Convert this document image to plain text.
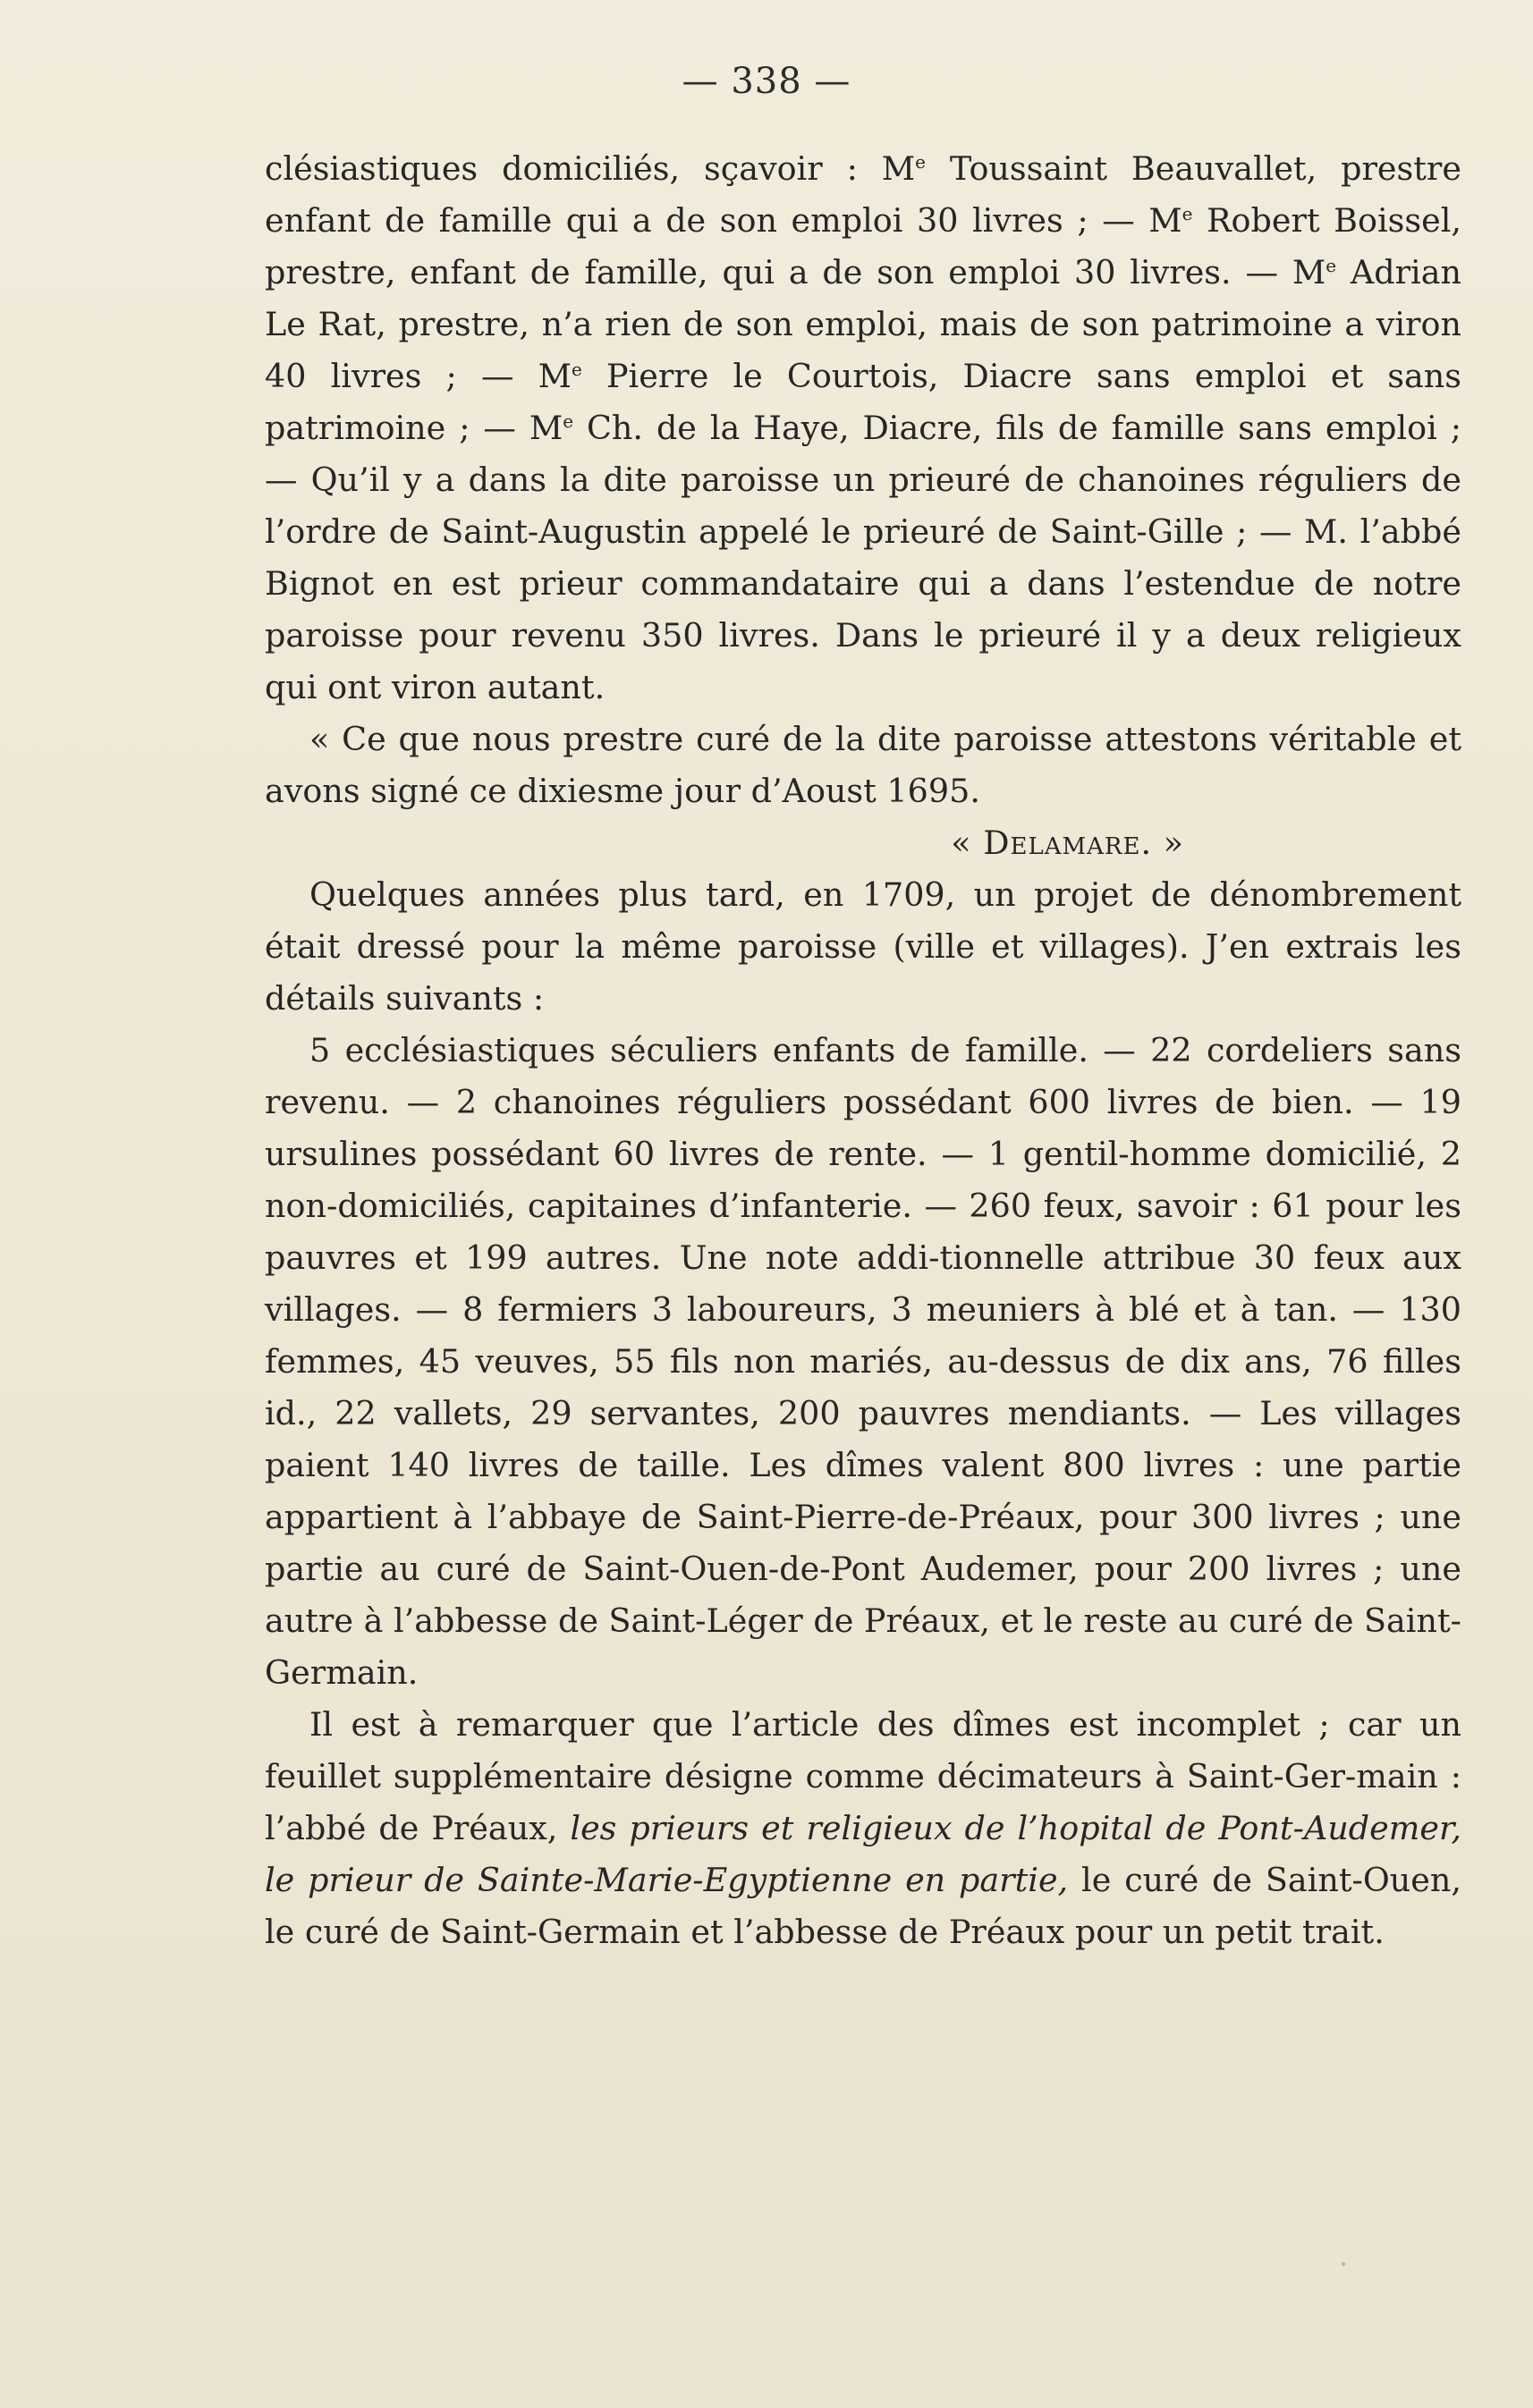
— 338 —

clésiastiques domiciliés, sçavoir : Me Toussaint Beauvallet, prestre enfant de famille qui a de son emploi 30 livres ; — Me Robert Boissel, prestre, enfant de famille, qui a de son emploi 30 livres. — Me Adrian Le Rat, prestre, n’a rien de son emploi, mais de son patrimoine a viron 40 livres ; — Me Pierre le Courtois, Diacre sans emploi et sans patrimoine ; — Me Ch. de la Haye, Diacre, fils de famille sans emploi ; — Qu’il y a dans la dite paroisse un prieuré de chanoines réguliers de l’ordre de Saint-Augustin appelé le prieuré de Saint-Gille ; — M. l’abbé Bignot en est prieur commandataire qui a dans l’estendue de notre paroisse pour revenu 350 livres. Dans le prieuré il y a deux religieux qui ont viron autant.

« Ce que nous prestre curé de la dite paroisse attestons véritable et avons signé ce dixiesme jour d’Aoust 1695.

« Delamare. »

Quelques années plus tard, en 1709, un projet de dénombrement était dressé pour la même paroisse (ville et villages). J’en extrais les détails suivants :

5 ecclésiastiques séculiers enfants de famille. — 22 cordeliers sans revenu. — 2 chanoines réguliers possédant 600 livres de bien. — 19 ursulines possédant 60 livres de rente. — 1 gentil-homme domicilié, 2 non-domiciliés, capitaines d’infanterie. — 260 feux, savoir : 61 pour les pauvres et 199 autres. Une note addi-tionnelle attribue 30 feux aux villages. — 8 fermiers 3 laboureurs, 3 meuniers à blé et à tan. — 130 femmes, 45 veuves, 55 fils non mariés, au-dessus de dix ans, 76 filles id., 22 vallets, 29 servantes, 200 pauvres mendiants. — Les villages paient 140 livres de taille. Les dîmes valent 800 livres : une partie appartient à l’abbaye de Saint-Pierre-de-Préaux, pour 300 livres ; une partie au curé de Saint-Ouen-de-Pont Audemer, pour 200 livres ; une autre à l’abbesse de Saint-Léger de Préaux, et le reste au curé de Saint-Germain.

Il est à remarquer que l’article des dîmes est incomplet ; car un feuillet supplémentaire désigne comme décimateurs à Saint-Ger-main : l’abbé de Préaux, les prieurs et religieux de l’hopital de Pont-Audemer, le prieur de Sainte-Marie-Egyptienne en partie, le curé de Saint-Ouen, le curé de Saint-Germain et l’abbesse de Préaux pour un petit trait.
